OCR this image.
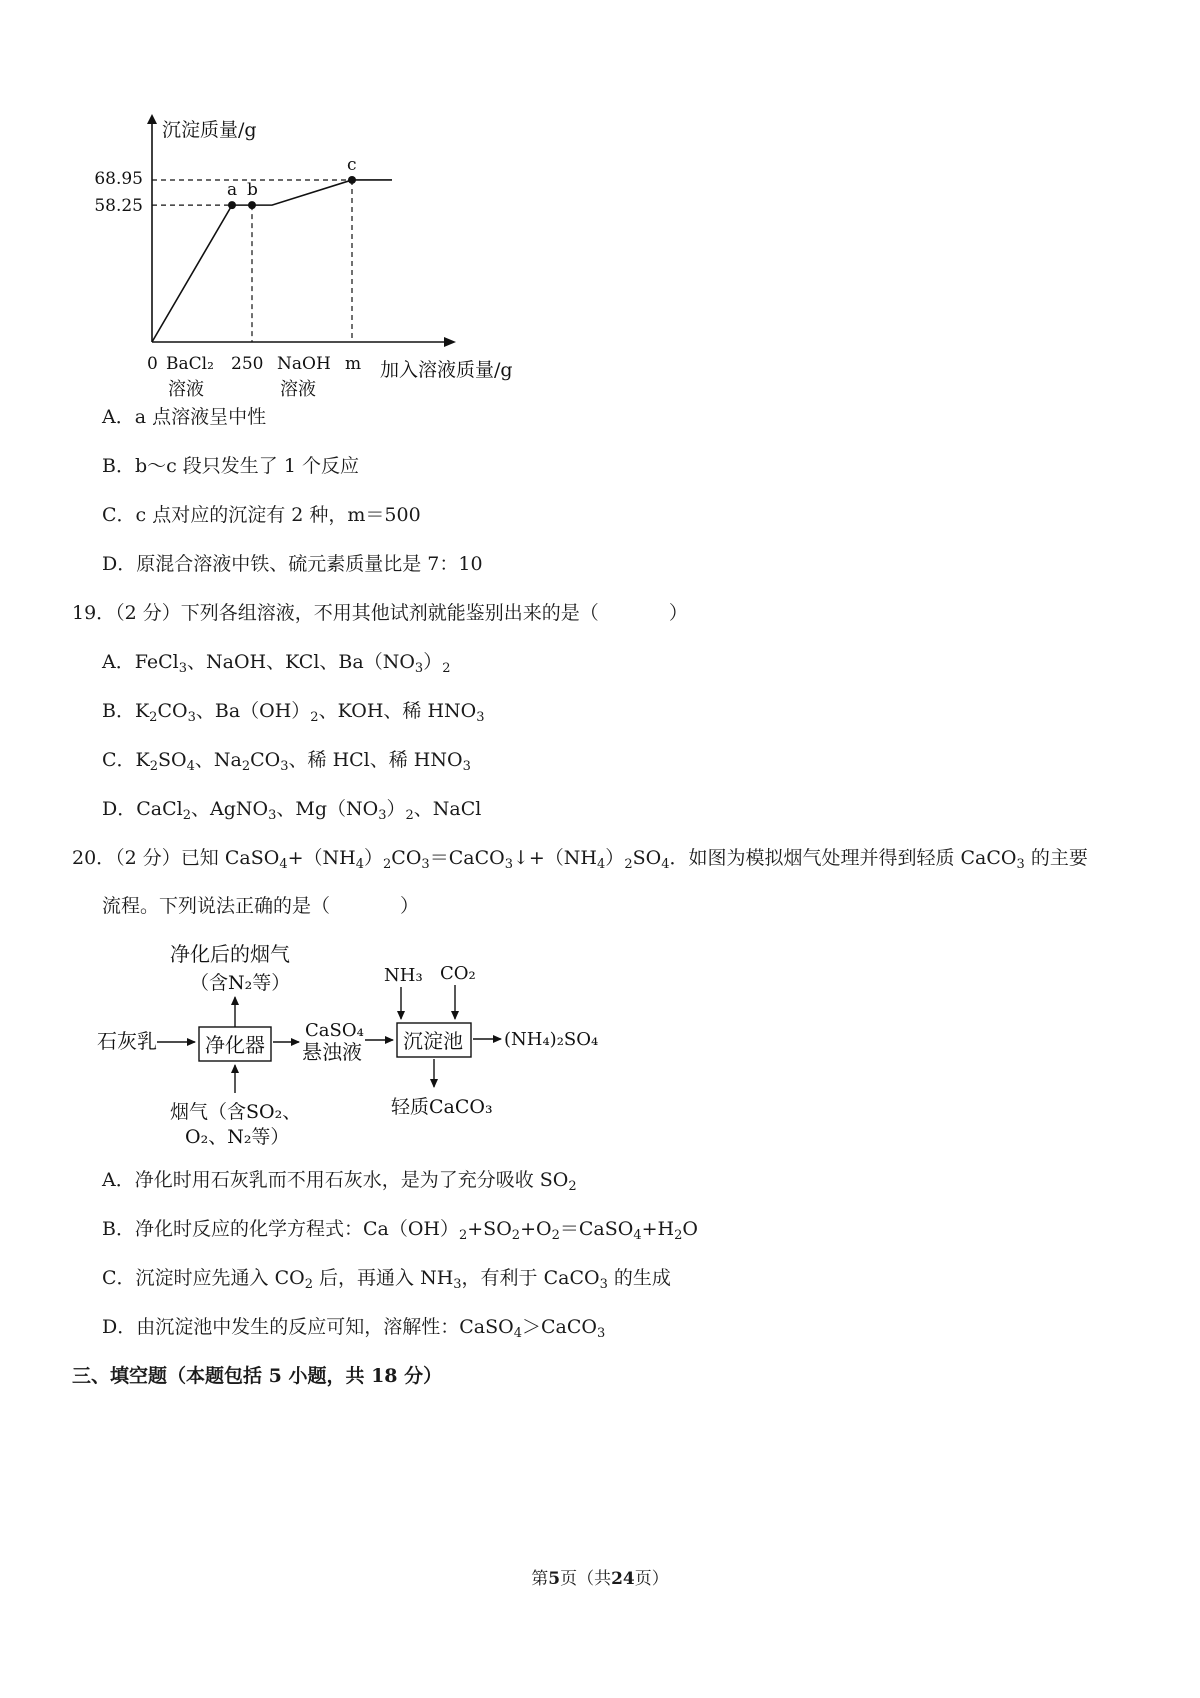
沉淀质量/g
加入溶液质量/g
68.95
58.25
0 BaCl₂
溶液
250 NaOH
溶液
m
a b
c
A．a 点溶液呈中性
B．b～c 段只发生了 1 个反应
C．c 点对应的沉淀有 2 种，m＝500
D．原混合溶液中铁、硫元素质量比是 7：10
19．（2 分）下列各组溶液，不用其他试剂就能鉴别出来的是（	）
A．FeCl$_3$、NaOH、KCl、$Ba(NO_3)_2$
B．$K_2CO_3$、$Ba(OH)_2$、KOH、稀 $HNO_3$
C．$K_2SO_4$、$Na_2CO_3$、稀 HCl、稀 $HNO_3$
D．CaCl$_2$、AgNO$_3$、$Mg(NO_3)_2$、NaCl
20．（2 分）已知 $CaSO_4+(NH_4)_2CO_3=CaCO_3↓+(NH_4)_2SO_4$．如图为模拟烟气处理并得到轻质 CaCO$_3$ 的主要
流程。下列说法正确的是（	）
净化后的烟气
（含N₂等）
石灰乳 净化器
CaSO₄
悬浊液
NH₃ CO₂
沉淀池 (NH₄)₂SO₄
轻质CaCO₃
烟气（含SO₂、
O₂、N₂等）
A．净化时用石灰乳而不用石灰水，是为了充分吸收 $SO_2$
B．净化时反应的化学方程式：$Ca(OH)_2+SO_2+O_2=CaSO_4+H_2O$
C．沉淀时应先通入 $CO_2$ 后，再通入 $NH_3$，有利于 CaCO$_3$ 的生成
D．由沉淀池中发生的反应可知，溶解性：CaSO$_4$＞CaCO$_3$
三、填空题（本题包括 5 小题，共 18 分）
第5页（共24页）
